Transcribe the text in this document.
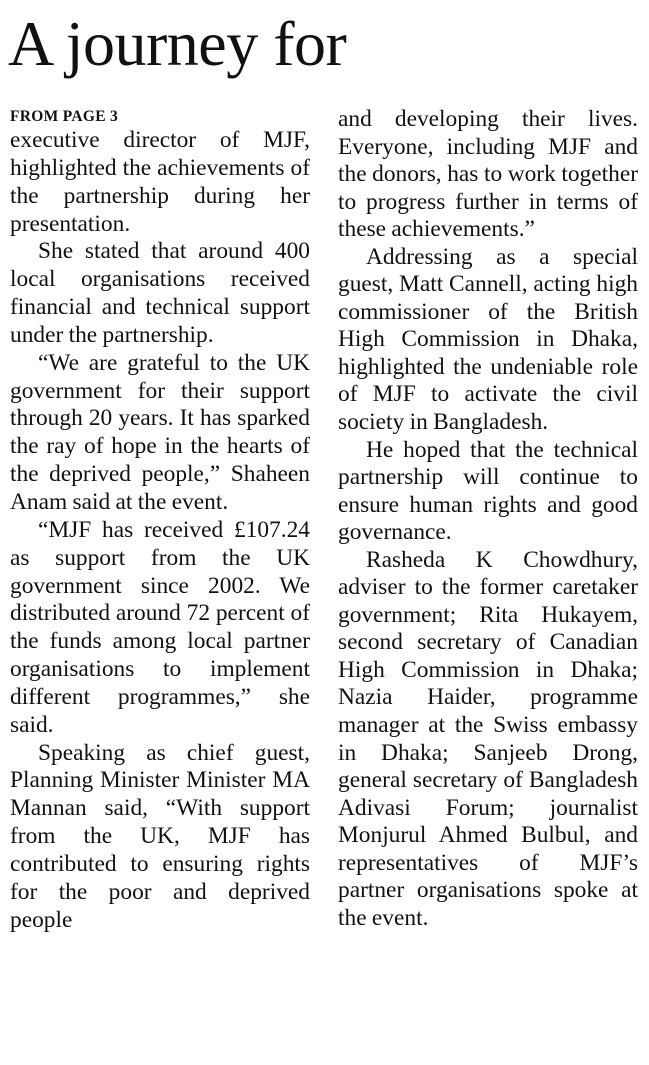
A journey for
FROM PAGE 3

executive director of MJF, highlighted the achievements of the partnership during her presentation.

She stated that around 400 local organisations received financial and technical support under the partnership.

“We are grateful to the UK government for their support through 20 years. It has sparked the ray of hope in the hearts of the deprived people,” Shaheen Anam said at the event.

“MJF has received £107.24 as support from the UK government since 2002. We distributed around 72 percent of the funds among local partner organisations to implement different programmes,” she said.

Speaking as chief guest, Planning Minister Minister MA Mannan said, “With support from the UK, MJF has contributed to ensuring rights for the poor and deprived people

and developing their lives. Everyone, including MJF and the donors, has to work together to progress further in terms of these achievements.”

Addressing as a special guest, Matt Cannell, acting high commissioner of the British High Commission in Dhaka, highlighted the undeniable role of MJF to activate the civil society in Bangladesh.

He hoped that the technical partnership will continue to ensure human rights and good governance.

Rasheda K Chowdhury, adviser to the former caretaker government; Rita Hukayem, second secretary of Canadian High Commission in Dhaka; Nazia Haider, programme manager at the Swiss embassy in Dhaka; Sanjeeb Drong, general secretary of Bangladesh Adivasi Forum; journalist Monjurul Ahmed Bulbul, and representatives of MJF’s partner organisations spoke at the event.
